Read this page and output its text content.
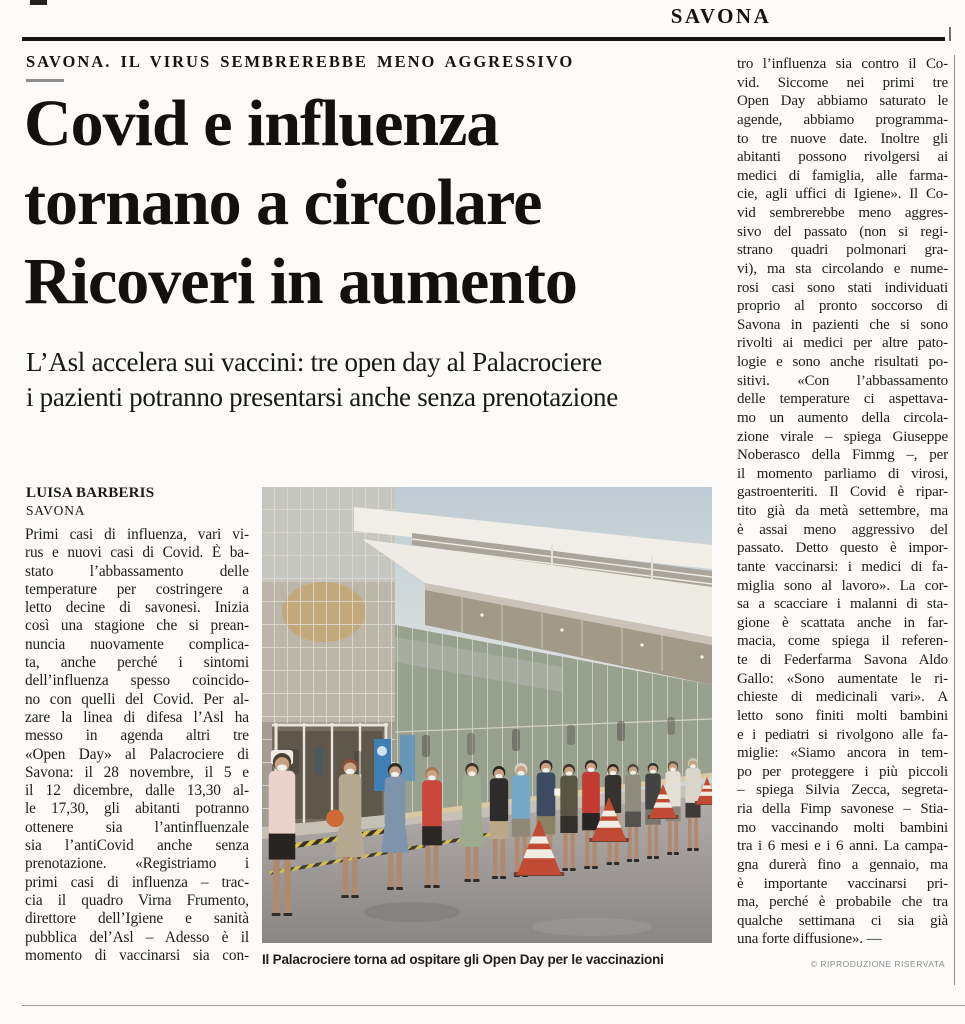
SAVONA
SAVONA. IL VIRUS SEMBREREBBE MENO AGGRESSIVO
Covid e influenza
tornano a circolare
Ricoveri in aumento
L’Asl accelera sui vaccini: tre open day al Palacrociere
i pazienti potranno presentarsi anche senza prenotazione
LUISA BARBERIS
SAVONA
Primi casi di influenza, vari vi-
rus e nuovi casi di Covid. È ba-
stato l’abbassamento delle
temperature per costringere a
letto decine di savonesi. Inizia
così una stagione che si prean-
nuncia nuovamente complica-
ta, anche perché i sintomi
dell’influenza spesso coincido-
no con quelli del Covid. Per al-
zare la linea di difesa l’Asl ha
messo in agenda altri tre
«Open Day» al Palacrociere di
Savona: il 28 novembre, il 5 e
il 12 dicembre, dalle 13,30 al-
le 17,30, gli abitanti potranno
ottenere sia l’antinfluenzale
sia l’antiCovid anche senza
prenotazione. «Registriamo i
primi casi di influenza – trac-
cia il quadro Virna Frumento,
direttore dell’Igiene e sanità
pubblica del’Asl – Adesso è il
momento di vaccinarsi sia con- Il Palacrociere torna ad ospitare gli Open Day per le vaccinazioni
tro l’influenza sia contro il Co-
vid. Siccome nei primi tre
Open Day abbiamo saturato le
agende, abbiamo programma-
to tre nuove date. Inoltre gli
abitanti possono rivolgersi ai
medici di famiglia, alle farma-
cie, agli uffici di Igiene». Il Co-
vid sembrerebbe meno aggres-
sivo del passato (non si regi-
strano quadri polmonari gra-
vi), ma sta circolando e nume-
rosi casi sono stati individuati
proprio al pronto soccorso di
Savona in pazienti che si sono
rivolti ai medici per altre pato-
logie e sono anche risultati po-
sitivi. «Con l’abbassamento
delle temperature ci aspettava-
mo un aumento della circola-
zione virale – spiega Giuseppe
Noberasco della Fimmg –, per
il momento parliamo di virosi,
gastroenteriti. Il Covid è ripar-
tito già da metà settembre, ma
è assai meno aggressivo del
passato. Detto questo è impor-
tante vaccinarsi: i medici di fa-
miglia sono al lavoro». La cor-
sa a scacciare i malanni di sta-
gione è scattata anche in far-
macia, come spiega il referen-
te di Federfarma Savona Aldo
Gallo: «Sono aumentate le ri-
chieste di medicinali vari». A
letto sono finiti molti bambini
e i pediatri si rivolgono alle fa-
miglie: «Siamo ancora in tem-
po per proteggere i più piccoli
– spiega Silvia Zecca, segreta-
ria della Fimp savonese – Stia-
mo vaccinando molti bambini
tra i 6 mesi e i 6 anni. La campa-
gna durerà fino a gennaio, ma
è importante vaccinarsi pri-
ma, perché è probabile che tra
qualche settimana ci sia già
una forte diffusione». —
© RIPRODUZIONE RISERVATA
